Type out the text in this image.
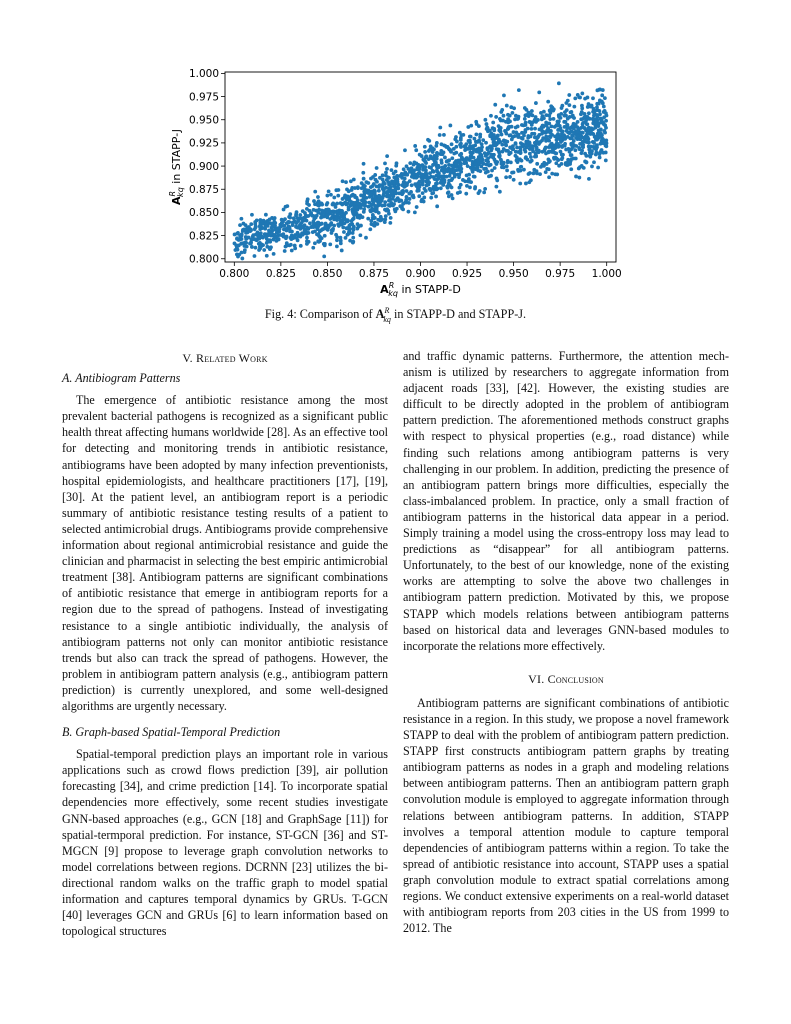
0.800 0.825 0.850 0.875 0.900 0.925 0.950 0.975 1.000
1.000
0.975
0.950
0.925
0.900
0.875
0.850
0.825
0.800
$A^R$ kq in STAPP-D
$A^Rkq$ in STAPP-J
Fig. 4: Comparison of $A^R_{kq}$ in STAPP-D and STAPP-J.
V. Related Work
A. Antibiogram Patterns

The emergence of antibiotic resistance among the most prevalent bacterial pathogens is recognized as a significant public health threat affecting humans worldwide [28]. As an effective tool for detecting and monitoring trends in antibiotic resistance, antibiograms have been adopted by many infection preventionists, hospital epidemiologists, and healthcare practitioners [17], [19], [30]. At the patient level, an antibiogram report is a periodic summary of antibiotic resistance testing results of a patient to selected antimicrobial drugs. Antibiograms provide comprehensive information about regional antimicrobial resistance and guide the clinician and pharmacist in selecting the best empiric antimicrobial treatment [38]. Antibiogram patterns are significant combinations of antibiotic resistance that emerge in antibiogram reports for a region due to the spread of pathogens. Instead of investigating resistance to a single antibiotic individually, the analysis of antibiogram patterns not only can monitor antibiotic resistance trends but also can track the spread of pathogens. However, the problem in antibiogram pattern analysis (e.g., antibiogram pattern prediction) is currently unexplored, and some well-designed algorithms are urgently necessary.

B. Graph-based Spatial-Temporal Prediction

Spatial-temporal prediction plays an important role in various applications such as crowd flows prediction [39], air pollution forecasting [34], and crime prediction [14]. To incorporate spatial dependencies more effectively, some recent studies investigate GNN-based approaches (e.g., GCN [18] and GraphSage [11]) for spatial-termporal prediction. For instance, ST-GCN [36] and ST-MGCN [9] propose to leverage graph convolution networks to model correlations between regions. DCRNN [23] utilizes the bi-directional random walks on the traffic graph to model spatial information and captures temporal dynamics by GRUs. T-GCN [40] leverages GCN and GRUs [6] to learn information based on topological structures

and traffic dynamic patterns. Furthermore, the attention mechanism is utilized by researchers to aggregate information from adjacent roads [33], [42]. However, the existing studies are difficult to be directly adopted in the problem of antibiogram pattern prediction. The aforementioned methods construct graphs with respect to physical properties (e.g., road distance) while finding such relations among antibiogram patterns is very challenging in our problem. In addition, predicting the presence of an antibiogram pattern brings more difficulties, especially the class-imbalanced problem. In practice, only a small fraction of antibiogram patterns in the historical data appear in a period. Simply training a model using the cross-entropy loss may lead to predictions as “disappear” for all antibiogram patterns. Unfortunately, to the best of our knowledge, none of the existing works are attempting to solve the above two challenges in antibiogram pattern prediction. Motivated by this, we propose STAPP which models relations between antibiogram patterns based on historical data and leverages GNN-based modules to incorporate the relations more effectively.

VI. Conclusion

Antibiogram patterns are significant combinations of antibiotic resistance in a region. In this study, we propose a novel framework STAPP to deal with the problem of antibiogram pattern prediction. STAPP first constructs antibiogram pattern graphs by treating antibiogram patterns as nodes in a graph and modeling relations between antibiogram patterns. Then an antibiogram pattern graph convolution module is employed to aggregate information through relations between antibiogram patterns. In addition, STAPP involves a temporal attention module to capture temporal dependencies of antibiogram patterns within a region. To take the spread of antibiotic resistance into account, STAPP uses a spatial graph convolution module to extract spatial correlations among regions. We conduct extensive experiments on a real-world dataset with antibiogram reports from 203 cities in the US from 1999 to 2012. The
